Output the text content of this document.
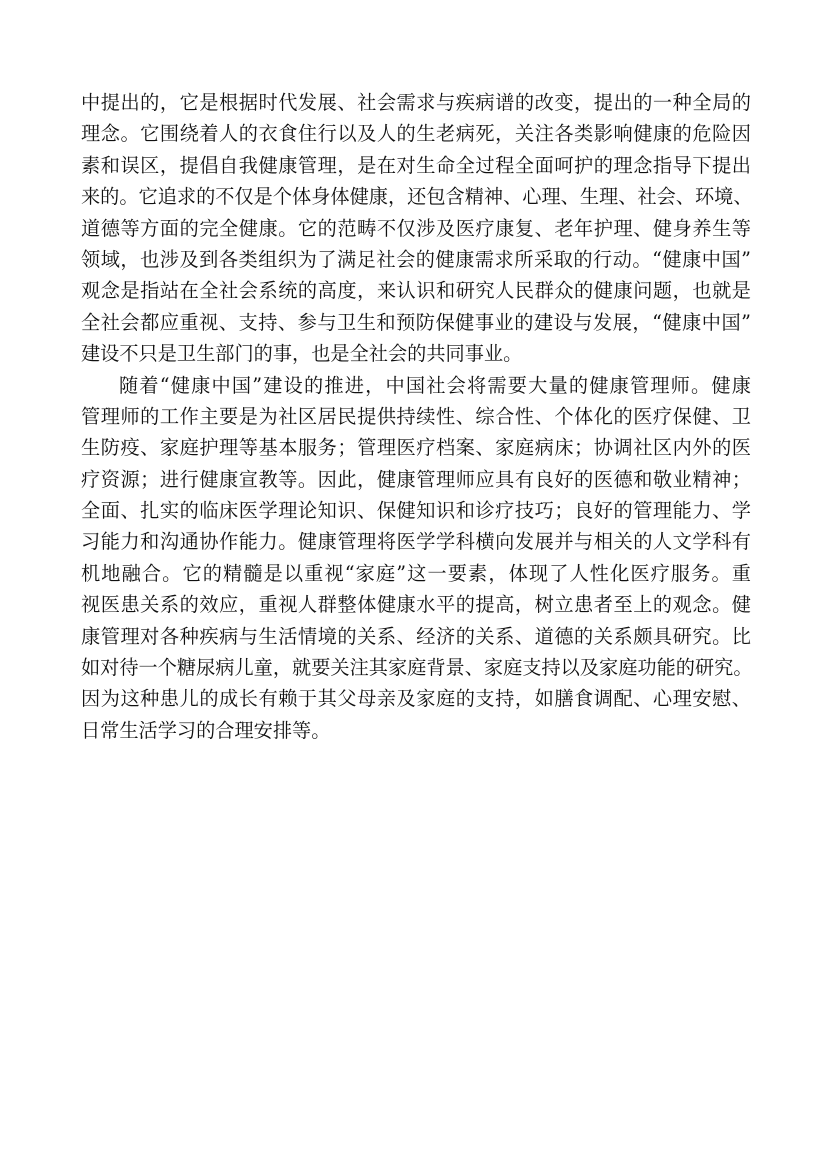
中提出的，它是根据时代发展、社会需求与疾病谱的改变，提出的一种全局的
理念。它围绕着人的衣食住行以及人的生老病死，关注各类影响健康的危险因
素和误区，提倡自我健康管理，是在对生命全过程全面呵护的理念指导下提出
来的。它追求的不仅是个体身体健康，还包含精神、心理、生理、社会、环境、
道德等方面的完全健康。它的范畴不仅涉及医疗康复、老年护理、健身养生等
领域，也涉及到各类组织为了满足社会的健康需求所采取的行动。“健康中国”
观念是指站在全社会系统的高度，来认识和研究人民群众的健康问题，也就是
全社会都应重视、支持、参与卫生和预防保健事业的建设与发展，“健康中国”
建设不只是卫生部门的事，也是全社会的共同事业。
随着“健康中国”建设的推进，中国社会将需要大量的健康管理师。健康
管理师的工作主要是为社区居民提供持续性、综合性、个体化的医疗保健、卫
生防疫、家庭护理等基本服务；管理医疗档案、家庭病床；协调社区内外的医
疗资源；进行健康宣教等。因此，健康管理师应具有良好的医德和敬业精神；
全面、扎实的临床医学理论知识、保健知识和诊疗技巧；良好的管理能力、学
习能力和沟通协作能力。健康管理将医学学科横向发展并与相关的人文学科有
机地融合。它的精髓是以重视“家庭”这一要素，体现了人性化医疗服务。重
视医患关系的效应，重视人群整体健康水平的提高，树立患者至上的观念。健
康管理对各种疾病与生活情境的关系、经济的关系、道德的关系颇具研究。比
如对待一个糖尿病儿童，就要关注其家庭背景、家庭支持以及家庭功能的研究。
因为这种患儿的成长有赖于其父母亲及家庭的支持，如膳食调配、心理安慰、
日常生活学习的合理安排等。
